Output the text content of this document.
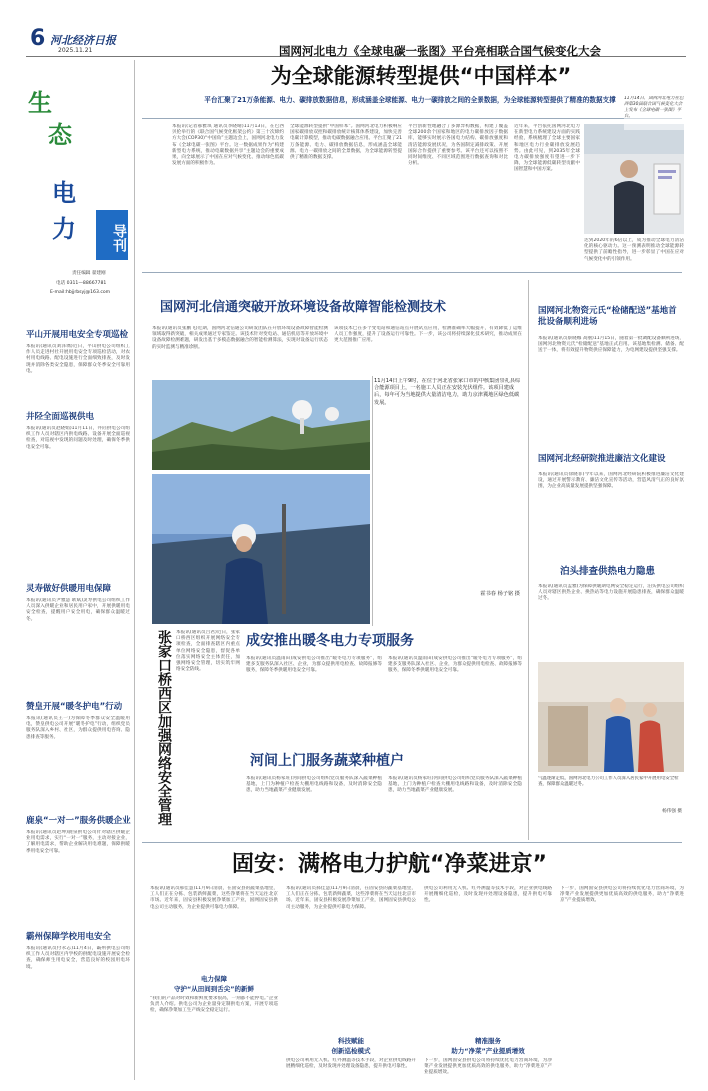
6 河北经济日报
2025.11.21
生
态
电
力	导刊
责任编辑 翟建刚
电话 0311—88667781
E-mail:hbjjrbsyj@163.com
平山开展用电安全专项巡检
本报讯(通讯员刘泽瑀)近日，平山供电公司组织工作人员走进村社开展用电安全专项巡检活动，对农村用电线路、配电设施进行全面细致排查，及时发现并消除各类安全隐患，保障群众冬季安全可靠用电。
井陉全面巡视供电
本报讯(通讯员赵晓娟)11月11日，井陉供电公司组织工作人员对辖区内供电线路、设备开展全面巡视检查，对巡视中发现的问题及时处理，确保冬季供电安全可靠。
灵寿做好供暖用电保障
本报讯(通讯员尹雅慧 耿斌)灵寿供电公司组织工作人员深入供暖企业和居民用户家中，开展供暖用电安全检查，提醒用户安全用电，确保群众温暖过冬。
赞皇开展“暖冬护电”行动
本报讯(通讯员王一)为保障冬季群众安全温暖用电，赞皇供电公司开展“暖冬护电”行动，组织党员服务队深入乡村、社区，为群众提供用电咨询、隐患排查等服务。
鹿泉“一对一”服务供暖企业
本报讯(通讯员赵坤)鹿泉供电公司针对辖区供暖企业用电需求，实行“一对一”服务，主动对接企业，了解用电需求，帮助企业解决用电难题，保障供暖季用电安全可靠。
霸州保障学校用电安全
本报讯(通讯员付永志)11月4日，霸州供电公司组织工作人员对辖区内学校的供配电设施开展安全检查，确保师生用电安全，营造良好的校园用电环境。
国网河北电力《全球电碳一张图》平台亮相联合国气候变化大会
为全球能源转型提供“中国样本”
平台汇聚了21万条能源、电力、碳排放数据信息，形成涵盖全球能源、电力一碳排放之间的全景数据，为全球能源转型提供了精准的数据支撑
本报讯(记者郝雅琪 通讯员李晓晴)11月13日，在巴西贝伦举行的《联合国气候变化框架公约》第三十次缔约方大会(COP30)“中国角”主题边会上，国网河北电力发布《全球电碳一张图》平台。这一数据成果作为“构建新型电力系统，推动电碳数据共享”主题边会的重要成果，向全球展示了中国在应对气候变化、推动绿色低碳发展方面的积极作为。
全球能源转型提供“中国样本”。国网河北电力积极响应国家碳排放双控和碳排放统计核算体系建设，加快完善电碳计算模型，推动电碳数据融合应用。平台汇聚了21万条能源、电力、碳排放数据信息，形成涵盖全球能源、电力一碳排放之间的全景数据，为全球能源转型提供了精准的数据支撑。
平台创新性地融合了多源异构数据，构建了覆盖全球200余个国家和地区的电力碳排放因子数据库，能够实时展示各国电力结构、碳排放强度和清洁能源发展状况，为各国制定减排政策、开展国际合作提供了重要参考。该平台还可以按照不同时间维度、不同区域范围进行数据查询和对比分析。
近年来，平台依托国网河北电力在新型电力系统建设方面的实践经验，系统梳理了全球主要国家和地区电力行业碳排放发展趋势。由此可见，到2035年全球电力碳排放强度有望进一步下降，为全球能源低碳转型贡献中国智慧和中国方案。
11月14日，国网河北电力在巴西第30届联合国气候变化大会上发布《全球电碳一张图》平台。
达到2020年的6倍以上，成为推动全球电力清洁化的核心驱动力。这一预测表明推动全球能源转型提供了前瞻性指导，进一步彰显了中国在应对气候变化中的引领作用。
国网河北信通突破开放环境设备故障智能检测技术
本报讯(通讯员张鹏飞)近期，国网河北信通公司研发团队在开放环境设备故障智能检测领域取得新突破，相关成果通过专家鉴定。该技术针对变电站、通信机房等开放环境中设备故障检测难题，研发出基于多模态数据融合的智能检测算法，实现对设备运行状态的实时监测与精准诊断。
该项技术已在多个变电站和通信站点开展试点应用，检测准确率大幅提升，有效降低了运维人员工作强度，提升了设备运行可靠性。下一步，该公司将持续深化技术研究，推动成果在更大范围推广应用。
11月14日上午9时，在位于河北省张家口市的中核集团崇礼县综合能源项目上，一名施工人员正在安装光伏组件。该项目建成后，每年可为当地提供大量清洁电力，助力京津冀地区绿色低碳发展。
霍书春 杨子铭 摄
张家口桥西区加强网络安全管理 本报讯(通讯员吕君)近日，张家口桥西区组织开展网络安全专项检查，全面排查辖区内重点单位网络安全隐患，督促各单位落实网络安全主体责任，加强网络安全管理，切实筑牢网络安全防线。
成安推出暖冬电力专项服务
本报讯(通讯员温雨田)成安供电公司推出“暖冬电力专项服务”，组建多支服务队深入社区、企业，为群众提供用电检查、故障报修等服务，保障冬季供暖用电安全可靠。
本报讯(通讯员温雨田)成安供电公司推出“暖冬电力专项服务”，组建多支服务队深入社区、企业，为群众提供用电检查、故障报修等服务，保障冬季供暖用电安全可靠。
河间上门服务蔬菜种植户
本报讯(通讯员杨家旺)河间供电公司组织党员服务队深入蔬菜种植基地，上门为种植户检查大棚用电线路和设备，及时消除安全隐患，助力当地蔬菜产业健康发展。
本报讯(通讯员杨家旺)河间供电公司组织党员服务队深入蔬菜种植基地，上门为种植户检查大棚用电线路和设备，及时消除安全隐患，助力当地蔬菜产业健康发展。
国网河北物资元氏“检储配送”基地首批设备顺利进场
本报讯(通讯员蔡晓娜 高丽)11月15日，随着第一批调配设备顺利进场，国网河北物资元氏“检储配送”基地正式启用。该基地集检测、储备、配送于一体，将有效提升物资供应保障能力，为电网建设提供坚强支撑。
国网河北经研院推进廉洁文化建设
本报讯(通讯员徐晓菲)今年以来，国网河北经研院积极推进廉洁文化建设，通过开展警示教育、廉洁文化宣传等活动，营造风清气正的良好氛围，为企业高质量发展提供坚强保障。
泊头排查供热电力隐患
本报讯(通讯员孟雅)为保障供暖期电网安全稳定运行，泊头供电公司组织人员对辖区供热企业、换热站等电力设施开展隐患排查，确保群众温暖过冬。
气温逐渐走低，国网河北电力公司工作人员深入居民家中开展用电安全检查，保障群众温暖过冬。
杨伟强 摄
固安：满格电力护航“净菜进京”
本报讯(通讯员郝佳慧)11月9日清晨，在固安县的蔬菜基地里，工人们正在分拣、包装新鲜蔬菜，这些净菜将在当天运往北京市场。近年来，固安县积极发展净菜加工产业，国网固安县供电公司主动服务，为企业提供可靠电力保障。
电力保障
守护“从田间到舌尖”的新鲜
“我们的产品对时效和新鲜度要求很高，一刻都不能停电。”企业负责人介绍。供电公司为企业量身定制供电方案，开展专项巡检，确保净菜加工生产线安全稳定运行。
本报讯(通讯员郝佳慧)11月9日清晨，在固安县的蔬菜基地里，工人们正在分拣、包装新鲜蔬菜，这些净菜将在当天运往北京市场。近年来，固安县积极发展净菜加工产业，国网固安县供电公司主动服务，为企业提供可靠电力保障。
科技赋能
创新巡检模式
供电公司利用无人机、红外测温等技术手段，对企业供电线路开展精细化巡检，及时发现并处理设备隐患，提升供电可靠性。
供电公司利用无人机、红外测温等技术手段，对企业供电线路开展精细化巡检，及时发现并处理设备隐患，提升供电可靠性。
精准服务
助力“净菜”产业提质增效
下一步，国网固安县供电公司将持续优化电力营商环境，为净菜产业发展提供更加优质高效的供电服务，助力“净菜进京”产业提质增效。
下一步，国网固安县供电公司将持续优化电力营商环境，为净菜产业发展提供更加优质高效的供电服务，助力“净菜进京”产业提质增效。
